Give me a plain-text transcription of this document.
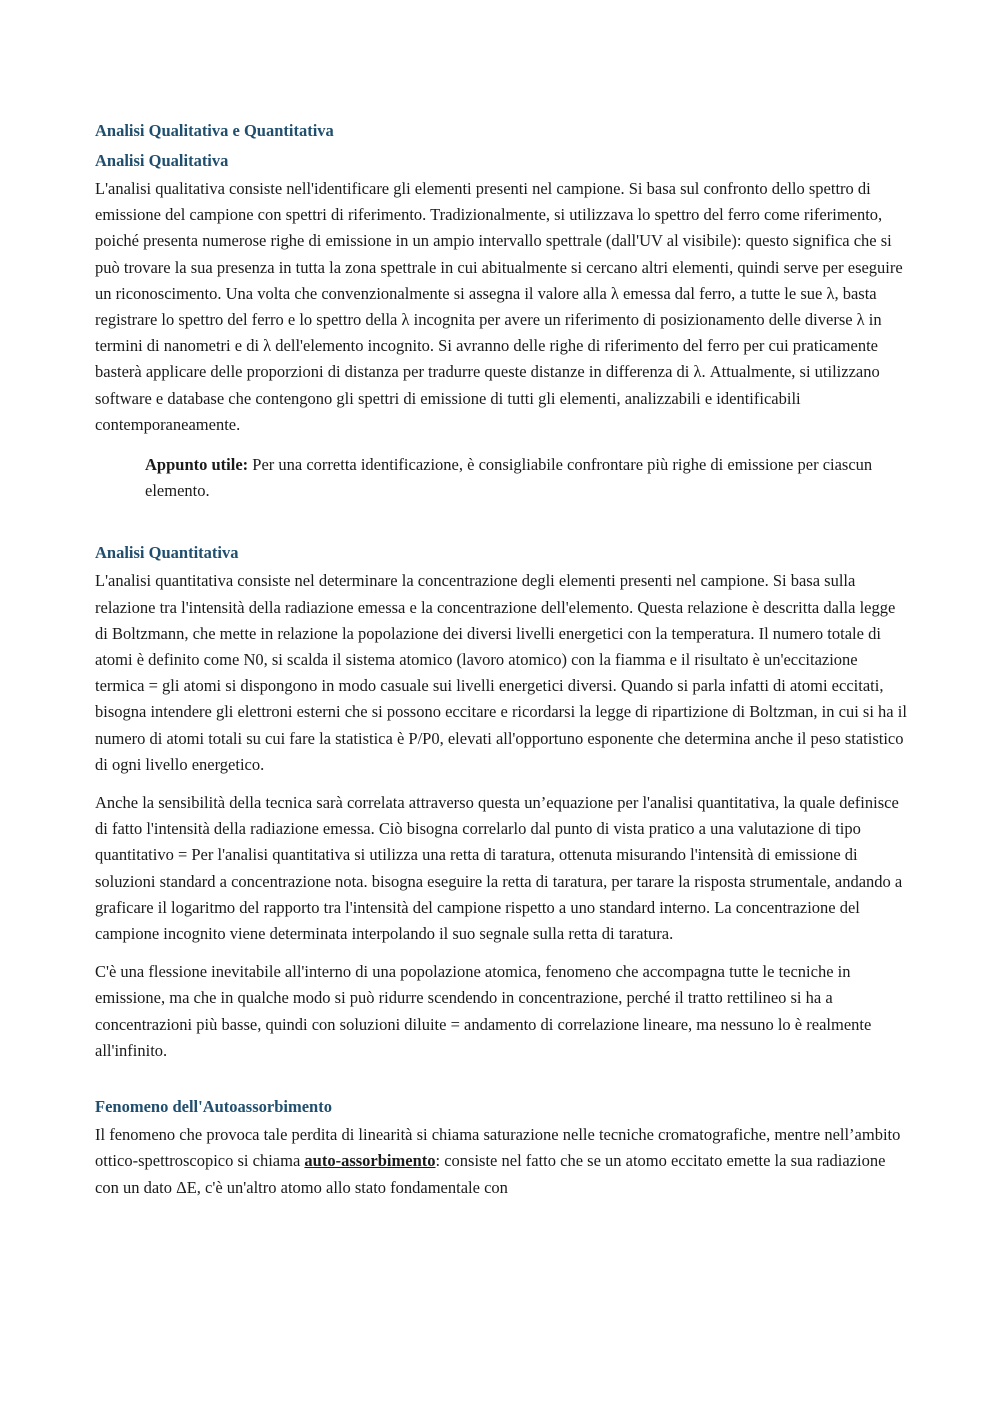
Analisi Qualitativa e Quantitativa
Analisi Qualitativa

L'analisi qualitativa consiste nell'identificare gli elementi presenti nel campione. Si basa sul confronto dello spettro di emissione del campione con spettri di riferimento. Tradizionalmente, si utilizzava lo spettro del ferro come riferimento, poiché presenta numerose righe di emissione in un ampio intervallo spettrale (dall'UV al visibile): questo significa che si può trovare la sua presenza in tutta la zona spettrale in cui abitualmente si cercano altri elementi, quindi serve per eseguire un riconoscimento. Una volta che convenzionalmente si assegna il valore alla λ emessa dal ferro, a tutte le sue λ, basta registrare lo spettro del ferro e lo spettro della λ incognita per avere un riferimento di posizionamento delle diverse λ in termini di nanometri e di λ dell'elemento incognito. Si avranno delle righe di riferimento del ferro per cui praticamente basterà applicare delle proporzioni di distanza per tradurre queste distanze in differenza di λ. Attualmente, si utilizzano software e database che contengono gli spettri di emissione di tutti gli elementi, analizzabili e identificabili contemporaneamente.

Appunto utile: Per una corretta identificazione, è consigliabile confrontare più righe di emissione per ciascun elemento.
Analisi Quantitativa

L'analisi quantitativa consiste nel determinare la concentrazione degli elementi presenti nel campione. Si basa sulla relazione tra l'intensità della radiazione emessa e la concentrazione dell'elemento. Questa relazione è descritta dalla legge di Boltzmann, che mette in relazione la popolazione dei diversi livelli energetici con la temperatura. Il numero totale di atomi è definito come N0, si scalda il sistema atomico (lavoro atomico) con la fiamma e il risultato è un'eccitazione termica = gli atomi si dispongono in modo casuale sui livelli energetici diversi. Quando si parla infatti di atomi eccitati, bisogna intendere gli elettroni esterni che si possono eccitare e ricordarsi la legge di ripartizione di Boltzman, in cui si ha il numero di atomi totali su cui fare la statistica è P/P0, elevati all'opportuno esponente che determina anche il peso statistico di ogni livello energetico.

Anche la sensibilità della tecnica sarà correlata attraverso questa un’equazione per l'analisi quantitativa, la quale definisce di fatto l'intensità della radiazione emessa. Ciò bisogna correlarlo dal punto di vista pratico a una valutazione di tipo quantitativo = Per l'analisi quantitativa si utilizza una retta di taratura, ottenuta misurando l'intensità di emissione di soluzioni standard a concentrazione nota. bisogna eseguire la retta di taratura, per tarare la risposta strumentale, andando a graficare il logaritmo del rapporto tra l'intensità del campione rispetto a uno standard interno. La concentrazione del campione incognito viene determinata interpolando il suo segnale sulla retta di taratura.

C'è una flessione inevitabile all'interno di una popolazione atomica, fenomeno che accompagna tutte le tecniche in emissione, ma che in qualche modo si può ridurre scendendo in concentrazione, perché il tratto rettilineo si ha a concentrazioni più basse, quindi con soluzioni diluite = andamento di correlazione lineare, ma nessuno lo è realmente all'infinito.

Fenomeno dell'Autoassorbimento

Il fenomeno che provoca tale perdita di linearità si chiama saturazione nelle tecniche cromatografiche, mentre nell’ambito ottico-spettroscopico si chiama auto-assorbimento: consiste nel fatto che se un atomo eccitato emette la sua radiazione con un dato ΔE, c'è un'altro atomo allo stato fondamentale con
